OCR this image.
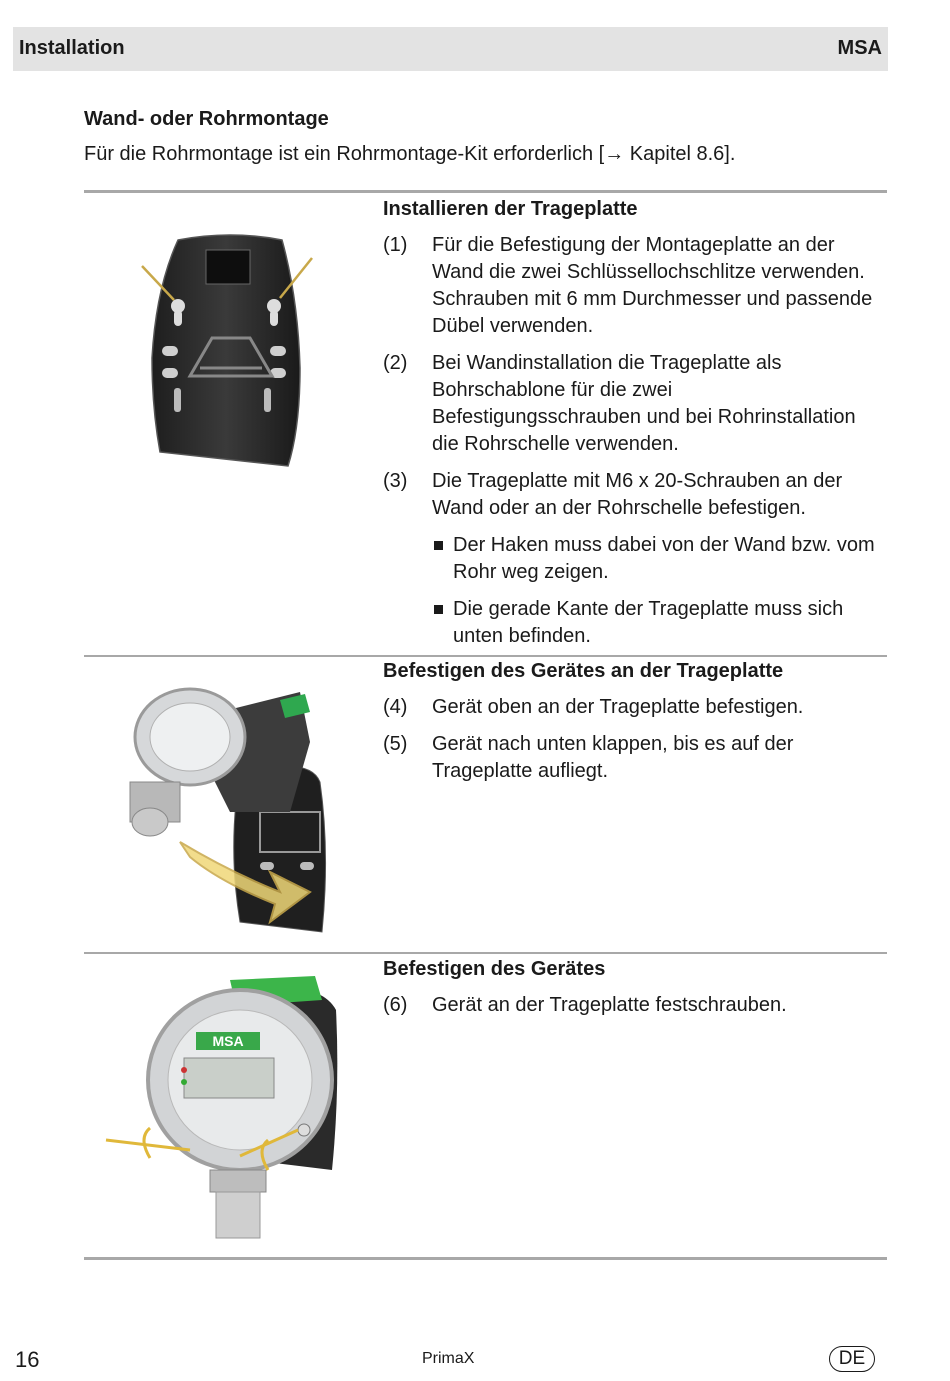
Installation	MSA
Wand- oder Rohrmontage
Für die Rohrmontage ist ein Rohrmontage-Kit erforderlich [→ Kapitel 8.6].
Installieren der Trageplatte
(1) Für die Befestigung der Montageplatte an der Wand die zwei Schlüssellochschlitze verwenden. Schrauben mit 6 mm Durchmesser und passende Dübel verwenden.
(2) Bei Wandinstallation die Trageplatte als Bohrschablone für die zwei Befestigungsschrauben und bei Rohrinstallation die Rohrschelle verwenden.
(3) Die Trageplatte mit M6 x 20-Schrauben an der Wand oder an der Rohrschelle befestigen.
Der Haken muss dabei von der Wand bzw. vom Rohr weg zeigen.
Die gerade Kante der Trageplatte muss sich unten befinden.
Befestigen des Gerätes an der Trageplatte
(4) Gerät oben an der Trageplatte befestigen.
(5) Gerät nach unten klappen, bis es auf der Trageplatte aufliegt.
Befestigen des Gerätes
(6) Gerät an der Trageplatte festschrauben.
MSA
16	PrimaX	DE
